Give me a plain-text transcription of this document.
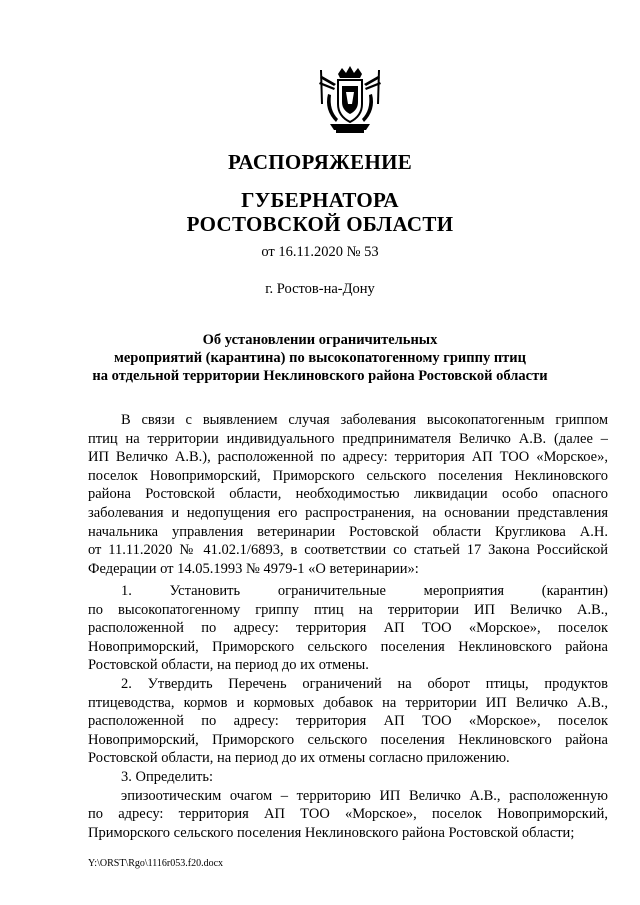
РАСПОРЯЖЕНИЕ
ГУБЕРНАТОРА
РОСТОВСКОЙ ОБЛАСТИ
от 16.11.2020 № 53
г. Ростов-на-Дону
Об установлении ограничительных
мероприятий (карантина) по высокопатогенному гриппу птиц
на отдельной территории Неклиновского района Ростовской области
В связи с выявлением случая заболевания высокопатогенным гриппом
птиц на территории индивидуального предпринимателя Величко А.В. (далее –
ИП Величко А.В.), расположенной по адресу: территория АП ТОО «Морское»,
поселок Новоприморский, Приморского сельского поселения Неклиновского
района Ростовской области, необходимостью ликвидации особо опасного
заболевания и недопущения его распространения, на основании представления
начальника управления ветеринарии Ростовской области Кругликова А.Н.
от 11.11.2020 № 41.02.1/6893, в соответствии со статьей 17 Закона Российской
Федерации от 14.05.1993 № 4979-1 «О ветеринарии»:
1. Установить ограничительные мероприятия (карантин)
по высокопатогенному гриппу птиц на территории ИП Величко А.В.,
расположенной по адресу: территория АП ТОО «Морское», поселок
Новоприморский, Приморского сельского поселения Неклиновского района
Ростовской области, на период до их отмены.
2. Утвердить Перечень ограничений на оборот птицы, продуктов
птицеводства, кормов и кормовых добавок на территории ИП Величко А.В.,
расположенной по адресу: территория АП ТОО «Морское», поселок
Новоприморский, Приморского сельского поселения Неклиновского района
Ростовской области, на период до их отмены согласно приложению.
3. Определить:
эпизоотическим очагом – территорию ИП Величко А.В., расположенную
по адресу: территория АП ТОО «Морское», поселок Новоприморский,
Приморского сельского поселения Неклиновского района Ростовской области;
Y:\ORST\Rgo\1116r053.f20.docx
